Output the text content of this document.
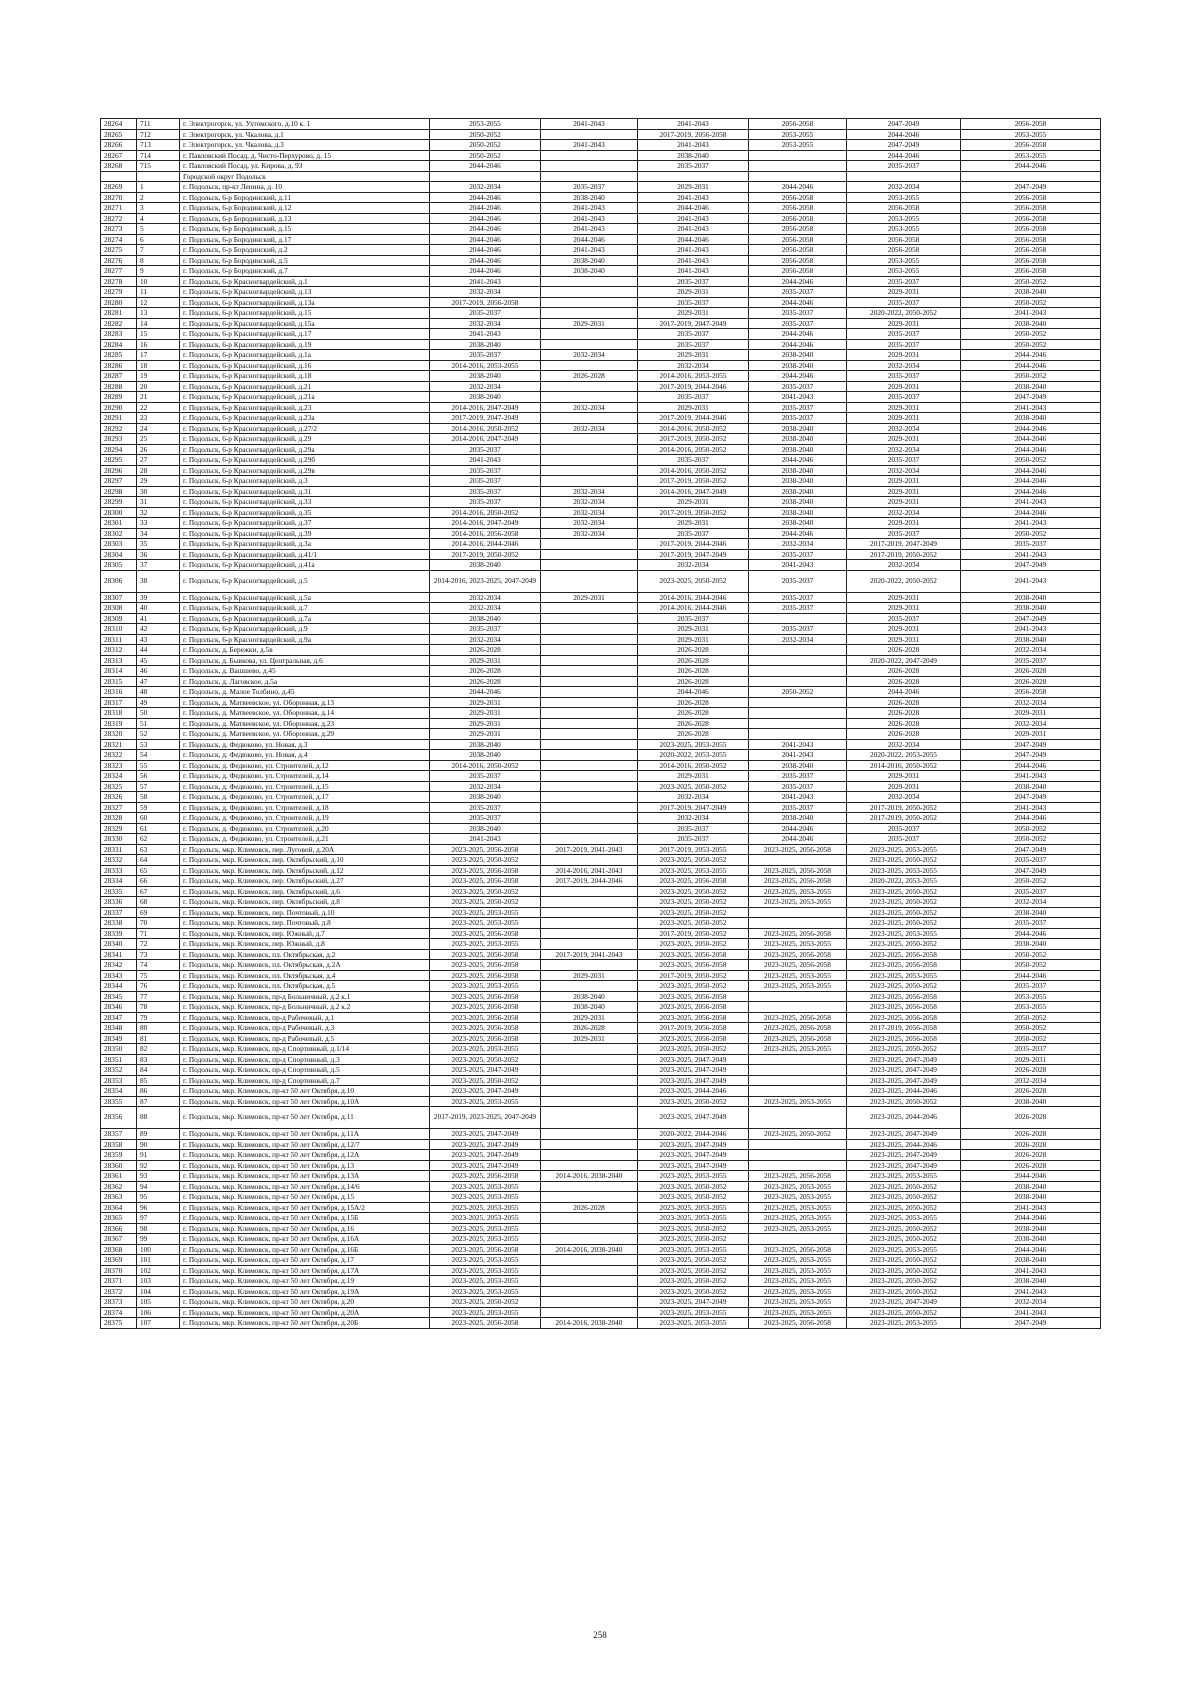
28264	711	г. Электрогорск, ул. Ухтомского, д.10 к. 1	2053-2055	2041-2043	2041-2043	2056-2058	2047-2049	2056-2058
28265	712	г. Электрогорск, ул. Чкалова, д.1	2050-2052		2017-2019, 2056-2058	2053-2055	2044-2046	2053-2055
28266	713	г. Электрогорск, ул. Чкалова, д.3	2050-2052	2041-2043	2041-2043	2053-2055	2047-2049	2056-2058
28267	714	г. Павловский Посад, д. Чисто-Перхурово, д. 15	2050-2052		2038-2040		2044-2046	2053-2055
28268	715	г. Павловский Посад, ул. Кирова, д. 93	2044-2046		2035-2037		2035-2037	2044-2046
		Городской округ Подольск						
28269	1	г. Подольск, пр-кт Ленина, д. 10	2032-2034	2035-2037	2029-2031	2044-2046	2032-2034	2047-2049
28270	2	г. Подольск, 6-р Бородинский, д.11	2044-2046	2038-2040	2041-2043	2056-2058	2053-2055	2056-2058
28271	3	г. Подольск, 6-р Бородинский, д.12	2044-2046	2041-2043	2044-2046	2056-2058	2056-2058	2056-2058
28272	4	г. Подольск, 6-р Бородинский, д.13	2044-2046	2041-2043	2041-2043	2056-2058	2053-2055	2056-2058
28273	5	г. Подольск, 6-р Бородинский, д.15	2044-2046	2041-2043	2041-2043	2056-2058	2053-2055	2056-2058
28274	6	г. Подольск, 6-р Бородинский, д.17	2044-2046	2044-2046	2044-2046	2056-2058	2056-2058	2056-2058
28275	7	г. Подольск, 6-р Бородинский, д.2	2044-2046	2041-2043	2041-2043	2056-2058	2056-2058	2056-2058
28276	8	г. Подольск, 6-р Бородинский, д.5	2044-2046	2038-2040	2041-2043	2056-2058	2053-2055	2056-2058
28277	9	г. Подольск, 6-р Бородинский, д.7	2044-2046	2038-2040	2041-2043	2056-2058	2053-2055	2056-2058
28278	10	г. Подольск, 6-р Красногвардейский, д.1	2041-2043		2035-2037	2044-2046	2035-2037	2050-2052
28279	11	г. Подольск, 6-р Красногвардейский, д.13	2032-2034		2029-2031	2035-2037	2029-2031	2038-2040
28280	12	г. Подольск, 6-р Красногвардейский, д.13а	2017-2019, 2056-2058		2035-2037	2044-2046	2035-2037	2050-2052
28281	13	г. Подольск, 6-р Красногвардейский, д.15	2035-2037		2029-2031	2035-2037	2020-2022, 2050-2052	2041-2043
28282	14	г. Подольск, 6-р Красногвардейский, д.15а	2032-2034	2029-2031	2017-2019, 2047-2049	2035-2037	2029-2031	2038-2040
28283	15	г. Подольск, 6-р Красногвардейский, д.17	2041-2043		2035-2037	2044-2046	2035-2037	2050-2052
28284	16	г. Подольск, 6-р Красногвардейский, д.19	2038-2040		2035-2037	2044-2046	2035-2037	2050-2052
28285	17	г. Подольск, 6-р Красногвардейский, д.1а	2035-2037	2032-2034	2029-2031	2038-2040	2029-2031	2044-2046
28286	18	г. Подольск, 6-р Красногвардейский, д.16	2014-2016, 2053-2055		2032-2034	2038-2040	2032-2034	2044-2046
28287	19	г. Подольск, 6-р Красногвардейский, д.18	2038-2040	2026-2028	2014-2016, 2053-2055	2044-2046	2035-2037	2050-2052
28288	20	г. Подольск, 6-р Красногвардейский, д.21	2032-2034		2017-2019, 2044-2046	2035-2037	2029-2031	2038-2040
28289	21	г. Подольск, 6-р Красногвардейский, д.21а	2038-2040		2035-2037	2041-2043	2035-2037	2047-2049
28290	22	г. Подольск, 6-р Красногвардейский, д.23	2014-2016, 2047-2049	2032-2034	2029-2031	2035-2037	2029-2031	2041-2043
28291	23	г. Подольск, 6-р Красногвардейский, д.23а	2017-2019, 2047-2049		2017-2019, 2044-2046	2035-2037	2029-2031	2038-2040
28292	24	г. Подольск, 6-р Красногвардейский, д.27/2	2014-2016, 2050-2052	2032-2034	2014-2016, 2050-2052	2038-2040	2032-2034	2044-2046
28293	25	г. Подольск, 6-р Красногвардейский, д.29	2014-2016, 2047-2049		2017-2019, 2050-2052	2038-2040	2029-2031	2044-2046
28294	26	г. Подольск, 6-р Красногвардейский, д.29а	2035-2037		2014-2016, 2050-2052	2038-2040	2032-2034	2044-2046
28295	27	г. Подольск, 6-р Красногвардейский, д.29б	2041-2043		2035-2037	2044-2046	2035-2037	2050-2052
28296	28	г. Подольск, 6-р Красногвардейский, д.29в	2035-2037		2014-2016, 2050-2052	2038-2040	2032-2034	2044-2046
28297	29	г. Подольск, 6-р Красногвардейский, д.3	2035-2037		2017-2019, 2050-2052	2038-2040	2029-2031	2044-2046
28298	30	г. Подольск, 6-р Красногвардейский, д.31	2035-2037	2032-2034	2014-2016, 2047-2049	2038-2040	2029-2031	2044-2046
28299	31	г. Подольск, 6-р Красногвардейский, д.33	2035-2037	2032-2034	2029-2031	2038-2040	2029-2031	2041-2043
28300	32	г. Подольск, 6-р Красногвардейский, д.35	2014-2016, 2050-2052	2032-2034	2017-2019, 2050-2052	2038-2040	2032-2034	2044-2046
28301	33	г. Подольск, 6-р Красногвардейский, д.37	2014-2016, 2047-2049	2032-2034	2029-2031	2038-2040	2029-2031	2041-2043
28302	34	г. Подольск, 6-р Красногвардейский, д.39	2014-2016, 2056-2058	2032-2034	2035-2037	2044-2046	2035-2037	2050-2052
28303	35	г. Подольск, 6-р Красногвардейский, д.3а	2014-2016, 2044-2046		2017-2019, 2044-2046	2032-2034	2017-2019, 2047-2049	2035-2037
28304	36	г. Подольск, 6-р Красногвардейский, д.41/1	2017-2019, 2050-2052		2017-2019, 2047-2049	2035-2037	2017-2019, 2050-2052	2041-2043
28305	37	г. Подольск, 6-р Красногвардейский, д.41а	2038-2040		2032-2034	2041-2043	2032-2034	2047-2049
28306	38	г. Подольск, 6-р Красногвардейский, д.5	2014-2016, 2023-2025, 2047-2049		2023-2025, 2050-2052	2035-2037	2020-2022, 2050-2052	2041-2043
28307	39	г. Подольск, 6-р Красногвардейский, д.5а	2032-2034	2029-2031	2014-2016, 2044-2046	2035-2037	2029-2031	2038-2040
28308	40	г. Подольск, 6-р Красногвардейский, д.7	2032-2034		2014-2016, 2044-2046	2035-2037	2029-2031	2038-2040
28309	41	г. Подольск, 6-р Красногвардейский, д.7а	2038-2040		2035-2037		2035-2037	2047-2049
28310	42	г. Подольск, 6-р Красногвардейский, д.9	2035-2037		2029-2031	2035-2037	2029-2031	2041-2043
28311	43	г. Подольск, 6-р Красногвардейский, д.9а	2032-2034		2029-2031	2032-2034	2029-2031	2038-2040
28312	44	г. Подольск, д. Бережки, д.5в	2026-2028		2026-2028		2026-2028	2032-2034
28313	45	г. Подольск, д. Бывкова, ул. Центральная, д.6	2029-2031		2026-2028		2020-2022, 2047-2049	2035-2037
28314	46	г. Подольск, д. Вашшево, д.45	2026-2028		2026-2028		2026-2028	2026-2028
28315	47	г. Подольск, д. Лаговское, д.5а	2026-2028		2026-2028		2026-2028	2026-2028
28316	48	г. Подольск, д. Малое Толбино, д.45	2044-2046		2044-2046	2050-2052	2044-2046	2056-2058
28317	49	г. Подольск, д. Матвеевское, ул. Оборонная, д.13	2029-2031		2026-2028		2026-2028	2032-2034
28318	50	г. Подольск, д. Матвеевское, ул. Оборонная, д.14	2029-2031		2026-2028		2026-2028	2029-2031
28319	51	г. Подольск, д. Матвеевское, ул. Оборонная, д.23	2029-2031		2026-2028		2026-2028	2032-2034
28320	52	г. Подольск, д. Матвеевское, ул. Оборонная, д.29	2029-2031		2026-2028		2026-2028	2029-2031
28321	53	г. Подольск, д. Федюково, ул. Новая, д.3	2038-2040		2023-2025, 2053-2055	2041-2043	2032-2034	2047-2049
28322	54	г. Подольск, д. Федюково, ул. Новая, д.4	2038-2040		2020-2022, 2053-2055	2041-2043	2020-2022, 2053-2055	2047-2049
28323	55	г. Подольск, д. Федюково, ул. Строителей, д.12	2014-2016, 2050-2052		2014-2016, 2050-2052	2038-2040	2014-2016, 2050-2052	2044-2046
28324	56	г. Подольск, д. Федюково, ул. Строителей, д.14	2035-2037		2029-2031	2035-2037	2029-2031	2041-2043
28325	57	г. Подольск, д. Федюково, ул. Строителей, д.15	2032-2034		2023-2025, 2050-2052	2035-2037	2029-2031	2038-2040
28326	58	г. Подольск, д. Федюково, ул. Строителей, д.17	2038-2040		2032-2034	2041-2043	2032-2034	2047-2049
28327	59	г. Подольск, д. Федюково, ул. Строителей, д.18	2035-2037		2017-2019, 2047-2049	2035-2037	2017-2019, 2050-2052	2041-2043
28328	60	г. Подольск, д. Федюково, ул. Строителей, д.19	2035-2037		2032-2034	2038-2040	2017-2019, 2050-2052	2044-2046
28329	61	г. Подольск, д. Федюково, ул. Строителей, д.20	2038-2040		2035-2037	2044-2046	2035-2037	2050-2052
28330	62	г. Подольск, д. Федюково, ул. Строителей, д.21	2041-2043		2035-2037	2044-2046	2035-2037	2050-2052
28331	63	г. Подольск, мкр. Климовск, пер. Луговой, д.20А	2023-2025, 2056-2058	2017-2019, 2041-2043	2017-2019, 2053-2055	2023-2025, 2056-2058	2023-2025, 2053-2055	2047-2049
28332	64	г. Подольск, мкр. Климовск, пер. Октябрьский, д.10	2023-2025, 2050-2052		2023-2025, 2050-2052		2023-2025, 2050-2052	2035-2037
28333	65	г. Подольск, мкр. Климовск, пер. Октябрьский, д.12	2023-2025, 2056-2058	2014-2016, 2041-2043	2023-2025, 2053-2055	2023-2025, 2056-2058	2023-2025, 2053-2055	2047-2049
28334	66	г. Подольск, мкр. Климовск, пер. Октябрьский, д.27	2023-2025, 2056-2058	2017-2019, 2044-2046	2023-2025, 2056-2058	2023-2025, 2056-2058	2020-2022, 2053-2055	2050-2052
28335	67	г. Подольск, мкр. Климовск, пер. Октябрьский, д.6	2023-2025, 2050-2052		2023-2025, 2050-2052	2023-2025, 2053-2055	2023-2025, 2050-2052	2035-2037
28336	68	г. Подольск, мкр. Климовск, пер. Октябрьский, д.8	2023-2025, 2050-2052		2023-2025, 2050-2052	2023-2025, 2053-2055	2023-2025, 2050-2052	2032-2034
28337	69	г. Подольск, мкр. Климовск, пер. Почтовый, д.10	2023-2025, 2053-2055		2023-2025, 2050-2052		2023-2025, 2050-2052	2038-2040
28338	70	г. Подольск, мкр. Климовск, пер. Почтовый, д.8	2023-2025, 2053-2055		2023-2025, 2050-2052		2023-2025, 2050-2052	2035-2037
28339	71	г. Подольск, мкр. Климовск, пер. Южный, д.7	2023-2025, 2056-2058		2017-2019, 2050-2052	2023-2025, 2056-2058	2023-2025, 2053-2055	2044-2046
28340	72	г. Подольск, мкр. Климовск, пер. Южный, д.8	2023-2025, 2053-2055		2023-2025, 2050-2052	2023-2025, 2053-2055	2023-2025, 2050-2052	2038-2040
28341	73	г. Подольск, мкр. Климовск, пл. Октябрьская, д.2	2023-2025, 2056-2058	2017-2019, 2041-2043	2023-2025, 2056-2058	2023-2025, 2056-2058	2023-2025, 2056-2058	2050-2052
28342	74	г. Подольск, мкр. Климовск, пл. Октябрьская, д.2А	2023-2025, 2056-2058		2023-2025, 2056-2058	2023-2025, 2056-2058	2023-2025, 2056-2058	2050-2052
28343	75	г. Подольск, мкр. Климовск, пл. Октябрьская, д.4	2023-2025, 2056-2058	2029-2031	2017-2019, 2050-2052	2023-2025, 2053-2055	2023-2025, 2053-2055	2044-2046
28344	76	г. Подольск, мкр. Климовск, пл. Октябрьская, д.5	2023-2025, 2053-2055		2023-2025, 2050-2052	2023-2025, 2053-2055	2023-2025, 2050-2052	2035-2037
28345	77	г. Подольск, мкр. Климовск, пр-д Больничный, д.2 к.1	2023-2025, 2056-2058	2038-2040	2023-2025, 2056-2058		2023-2025, 2056-2058	2053-2055
28346	78	г. Подольск, мкр. Климовск, пр-д Больничный, д.2 к.2	2023-2025, 2056-2058	2038-2040	2023-2025, 2056-2058		2023-2025, 2056-2058	2053-2055
28347	79	г. Подольск, мкр. Климовск, пр-д Рабочевый, д.1	2023-2025, 2056-2058	2029-2031	2023-2025, 2056-2058	2023-2025, 2056-2058	2023-2025, 2056-2058	2050-2052
28348	80	г. Подольск, мкр. Климовск, пр-д Рабочевый, д.3	2023-2025, 2056-2058	2026-2028	2017-2019, 2056-2058	2023-2025, 2056-2058	2017-2019, 2056-2058	2050-2052
28349	81	г. Подольск, мкр. Климовск, пр-д Рабочевый, д.5	2023-2025, 2056-2058	2029-2031	2023-2025, 2056-2058	2023-2025, 2056-2058	2023-2025, 2056-2058	2050-2052
28350	82	г. Подольск, мкр. Климовск, пр-д Спортивный, д.1/14	2023-2025, 2053-2055		2023-2025, 2050-2052	2023-2025, 2053-2055	2023-2025, 2050-2052	2035-2037
28351	83	г. Подольск, мкр. Климовск, пр-д Спортивный, д.3	2023-2025, 2050-2052		2023-2025, 2047-2049		2023-2025, 2047-2049	2029-2031
28352	84	г. Подольск, мкр. Климовск, пр-д Спортивный, д.5	2023-2025, 2047-2049		2023-2025, 2047-2049		2023-2025, 2047-2049	2026-2028
28353	85	г. Подольск, мкр. Климовск, пр-д Спортивный, д.7	2023-2025, 2050-2052		2023-2025, 2047-2049		2023-2025, 2047-2049	2032-2034
28354	86	г. Подольск, мкр. Климовск, пр-кт 50 лет Октября, д.10	2023-2025, 2047-2049		2023-2025, 2044-2046		2023-2025, 2044-2046	2026-2028
28355	87	г. Подольск, мкр. Климовск, пр-кт 50 лет Октября, д.10А	2023-2025, 2053-2055		2023-2025, 2050-2052	2023-2025, 2053-2055	2023-2025, 2050-2052	2038-2040
28356	88	г. Подольск, мкр. Климовск, пр-кт 50 лет Октября, д.11	2017-2019, 2023-2025, 2047-2049		2023-2025, 2047-2049		2023-2025, 2044-2046	2026-2028
28357	89	г. Подольск, мкр. Климовск, пр-кт 50 лет Октября, д.11А	2023-2025, 2047-2049		2020-2022, 2044-2046	2023-2025, 2050-2052	2023-2025, 2047-2049	2026-2028
28358	90	г. Подольск, мкр. Климовск, пр-кт 50 лет Октября, д.12/7	2023-2025, 2047-2049		2023-2025, 2047-2049		2023-2025, 2044-2046	2026-2028
28359	91	г. Подольск, мкр. Климовск, пр-кт 50 лет Октября, д.12А	2023-2025, 2047-2049		2023-2025, 2047-2049		2023-2025, 2047-2049	2026-2028
28360	92	г. Подольск, мкр. Климовск, пр-кт 50 лет Октября, д.13	2023-2025, 2047-2049		2023-2025, 2047-2049		2023-2025, 2047-2049	2026-2028
28361	93	г. Подольск, мкр. Климовск, пр-кт 50 лет Октября, д.13А	2023-2025, 2056-2058	2014-2016, 2038-2040	2023-2025, 2053-2055	2023-2025, 2056-2058	2023-2025, 2053-2055	2044-2046
28362	94	г. Подольск, мкр. Климовск, пр-кт 50 лет Октября, д.14/6	2023-2025, 2053-2055		2023-2025, 2050-2052	2023-2025, 2053-2055	2023-2025, 2050-2052	2038-2040
28363	95	г. Подольск, мкр. Климовск, пр-кт 50 лет Октября, д.15	2023-2025, 2053-2055		2023-2025, 2050-2052	2023-2025, 2053-2055	2023-2025, 2050-2052	2038-2040
28364	96	г. Подольск, мкр. Климовск, пр-кт 50 лет Октября, д.15А/2	2023-2025, 2053-2055	2026-2028	2023-2025, 2053-2055	2023-2025, 2053-2055	2023-2025, 2050-2052	2041-2043
28365	97	г. Подольск, мкр. Климовск, пр-кт 50 лет Октября, д.15Б	2023-2025, 2053-2055		2023-2025, 2053-2055	2023-2025, 2053-2055	2023-2025, 2053-2055	2044-2046
28366	98	г. Подольск, мкр. Климовск, пр-кт 50 лет Октября, д.16	2023-2025, 2053-2055		2023-2025, 2050-2052	2023-2025, 2053-2055	2023-2025, 2050-2052	2038-2040
28367	99	г. Подольск, мкр. Климовск, пр-кт 50 лет Октября, д.16А	2023-2025, 2053-2055		2023-2025, 2050-2052		2023-2025, 2050-2052	2038-2040
28368	100	г. Подольск, мкр. Климовск, пр-кт 50 лет Октября, д.16Б	2023-2025, 2056-2058	2014-2016, 2038-2040	2023-2025, 2053-2055	2023-2025, 2056-2058	2023-2025, 2053-2055	2044-2046
28369	101	г. Подольск, мкр. Климовск, пр-кт 50 лет Октября, д.17	2023-2025, 2053-2055		2023-2025, 2050-2052	2023-2025, 2053-2055	2023-2025, 2050-2052	2038-2040
28370	102	г. Подольск, мкр. Климовск, пр-кт 50 лет Октября, д.17А	2023-2025, 2053-2055		2023-2025, 2050-2052	2023-2025, 2053-2055	2023-2025, 2050-2052	2041-2043
28371	103	г. Подольск, мкр. Климовск, пр-кт 50 лет Октября, д.19	2023-2025, 2053-2055		2023-2025, 2050-2052	2023-2025, 2053-2055	2023-2025, 2050-2052	2038-2040
28372	104	г. Подольск, мкр. Климовск, пр-кт 50 лет Октября, д.19А	2023-2025, 2053-2055		2023-2025, 2050-2052	2023-2025, 2053-2055	2023-2025, 2050-2052	2041-2043
28373	105	г. Подольск, мкр. Климовск, пр-кт 50 лет Октября, д.20	2023-2025, 2050-2052		2023-2025, 2047-2049	2023-2025, 2053-2055	2023-2025, 2047-2049	2032-2034
28374	106	г. Подольск, мкр. Климовск, пр-кт 50 лет Октября, д.20А	2023-2025, 2053-2055		2023-2025, 2053-2055	2023-2025, 2053-2055	2023-2025, 2050-2052	2041-2043
28375	107	г. Подольск, мкр. Климовск, пр-кт 50 лет Октября, д.20Б	2023-2025, 2056-2058	2014-2016, 2038-2040	2023-2025, 2053-2055	2023-2025, 2056-2058	2023-2025, 2053-2055	2047-2049
258
